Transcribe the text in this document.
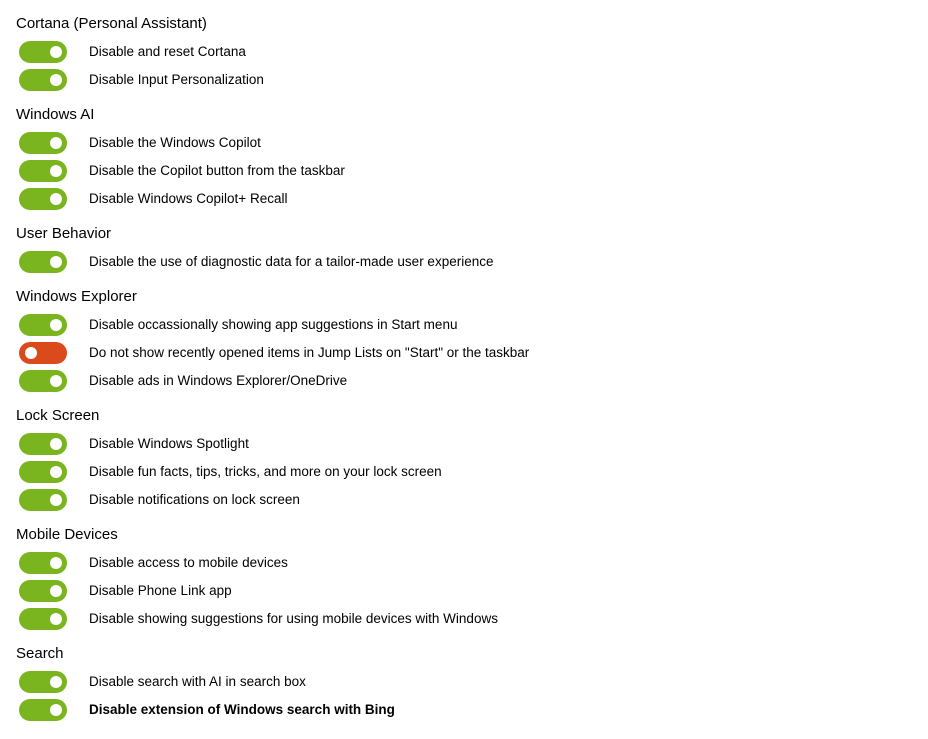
Cortana (Personal Assistant)
Disable and reset Cortana
Disable Input Personalization
Windows AI
Disable the Windows Copilot
Disable the Copilot button from the taskbar
Disable Windows Copilot+ Recall
User Behavior
Disable the use of diagnostic data for a tailor-made user experience
Windows Explorer
Disable occassionally showing app suggestions in Start menu
Do not show recently opened items in Jump Lists on "Start" or the taskbar
Disable ads in Windows Explorer/OneDrive
Lock Screen
Disable Windows Spotlight
Disable fun facts, tips, tricks, and more on your lock screen
Disable notifications on lock screen
Mobile Devices
Disable access to mobile devices
Disable Phone Link app
Disable showing suggestions for using mobile devices with Windows
Search
Disable search with AI in search box
Disable extension of Windows search with Bing
